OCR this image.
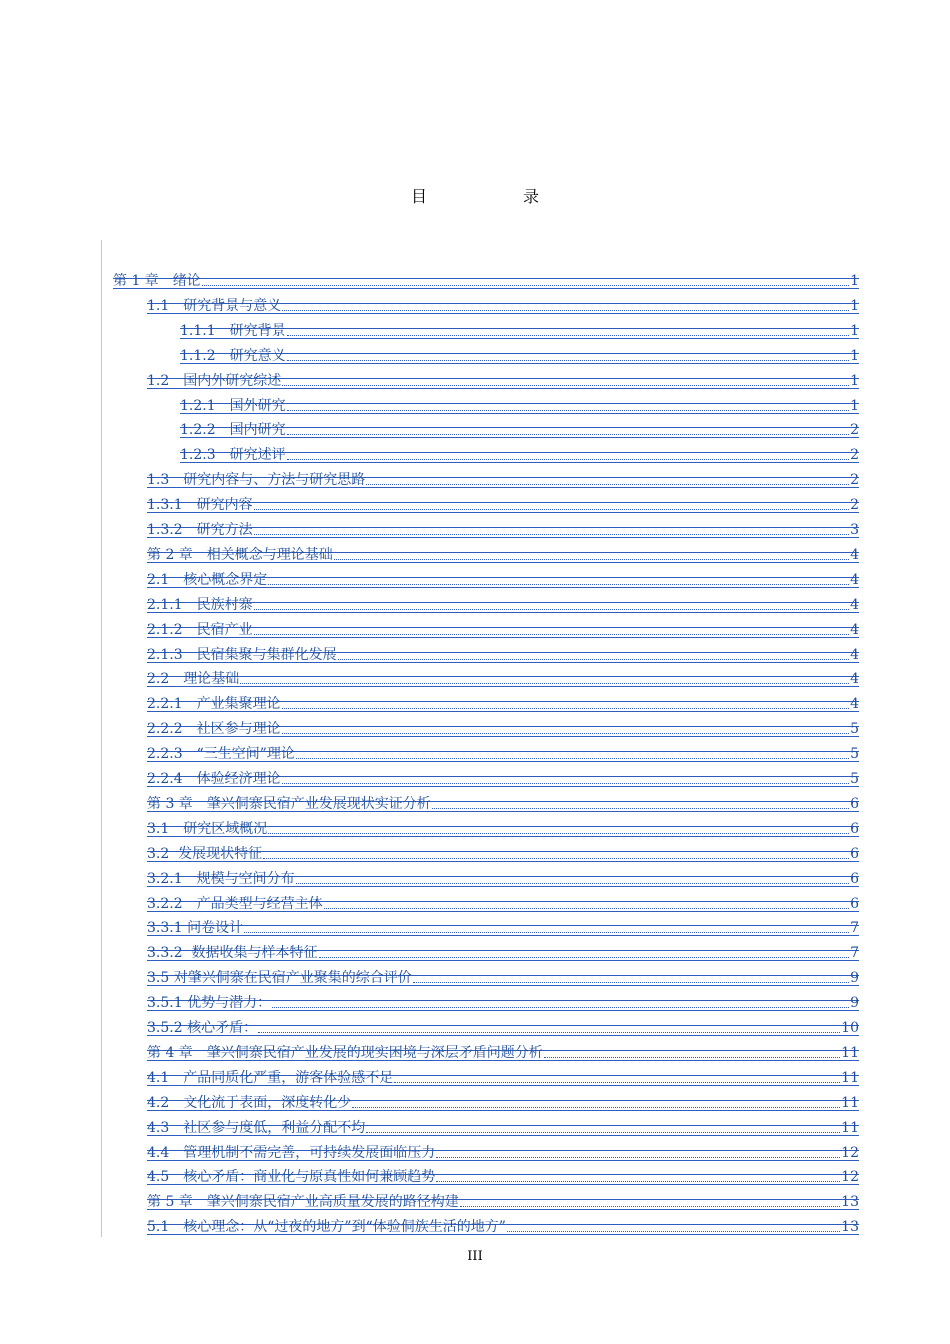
目　录
第 1 章　绪论	1
1.1　研究背景与意义	1
1.1.1　研究背景	1
1.1.2　研究意义	1
1.2　国内外研究综述	1
1.2.1　国外研究	1
1.2.2　国内研究	2
1.2.3　研究述评	2
1.3　研究内容与、方法与研究思路	2
1.3.1　研究内容	2
1.3.2　研究方法	3
第 2 章　相关概念与理论基础	4
2.1　核心概念界定	4
2.1.1　民族村寨	4
2.1.2　民宿产业	4
2.1.3　民宿集聚与集群化发展	4
2.2　理论基础	4
2.2.1　产业集聚理论	4
2.2.2　社区参与理论	5
2.2.3　“三生空间”理论	5
2.2.4　体验经济理论	5
第 3 章　肇兴侗寨民宿产业发展现状实证分析	6
3.1　研究区域概况	6
3.2  发展现状特征	6
3.2.1　规模与空间分布	6
3.2.2　产品类型与经营主体	6
3.3.1 问卷设计	7
3.3.2  数据收集与样本特征	7
3.5 对肇兴侗寨在民宿产业聚集的综合评价	9
3.5.1 优势与潜力：	9
3.5.2 核心矛盾：	10
第 4 章　肇兴侗寨民宿产业发展的现实困境与深层矛盾问题分析	11
4.1　产品同质化严重，游客体验感不足	11
4.2　文化流于表面，深度转化少	11
4.3　社区参与度低，利益分配不均	11
4.4　管理机制不需完善，可持续发展面临压力	12
4.5　核心矛盾：商业化与原真性如何兼顾趋势	12
第 5 章　肇兴侗寨民宿产业高质量发展的路径构建	13
5.1　核心理念：从“过夜的地方”到“体验侗族生活的地方”	13
III
